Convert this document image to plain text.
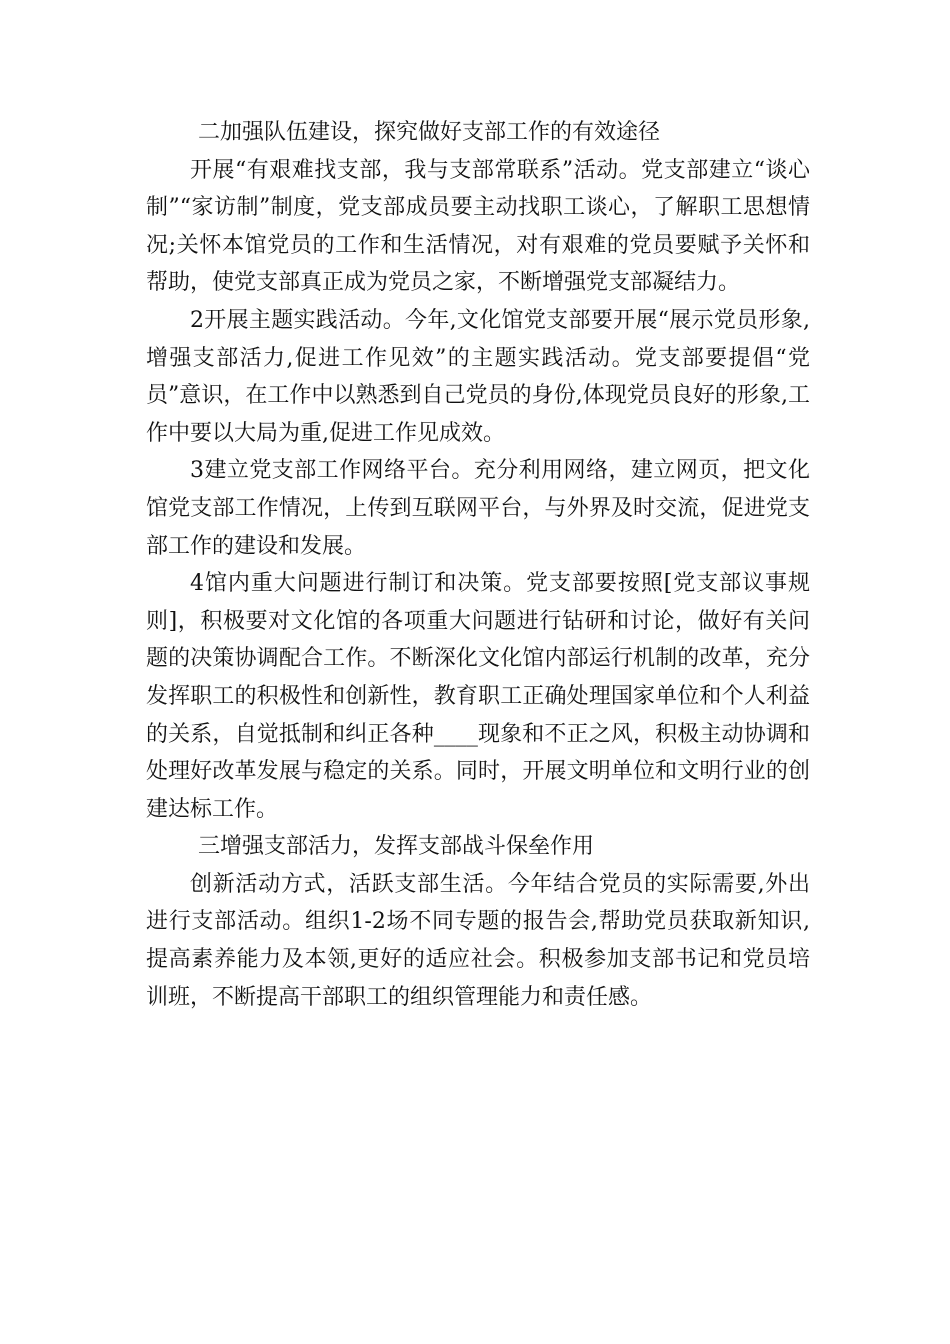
二加强队伍建设，探究做好支部工作的有效途径

开展“有艰难找支部，我与支部常联系”活动。党支部建立“谈心制”“家访制”制度，党支部成员要主动找职工谈心，了解职工思想情况;关怀本馆党员的工作和生活情况，对有艰难的党员要赋予关怀和帮助，使党支部真正成为党员之家，不断增强党支部凝结力。

2开展主题实践活动。今年,文化馆党支部要开展“展示党员形象,增强支部活力,促进工作见效”的主题实践活动。党支部要提倡“党员”意识，在工作中以熟悉到自己党员的身份,体现党员良好的形象,工作中要以大局为重,促进工作见成效。

3建立党支部工作网络平台。充分利用网络，建立网页，把文化馆党支部工作情况，上传到互联网平台，与外界及时交流，促进党支部工作的建设和发展。

4馆内重大问题进行制订和决策。党支部要按照[党支部议事规则]，积极要对文化馆的各项重大问题进行钻研和讨论，做好有关问题的决策协调配合工作。不断深化文化馆内部运行机制的改革，充分发挥职工的积极性和创新性，教育职工正确处理国家单位和个人利益的关系，自觉抵制和纠正各种____现象和不正之风，积极主动协调和处理好改革发展与稳定的关系。同时，开展文明单位和文明行业的创建达标工作。

三增强支部活力，发挥支部战斗保垒作用

创新活动方式，活跃支部生活。今年结合党员的实际需要,外出进行支部活动。组织1-2场不同专题的报告会,帮助党员获取新知识,提高素养能力及本领,更好的适应社会。积极参加支部书记和党员培训班，不断提高干部职工的组织管理能力和责任感。
